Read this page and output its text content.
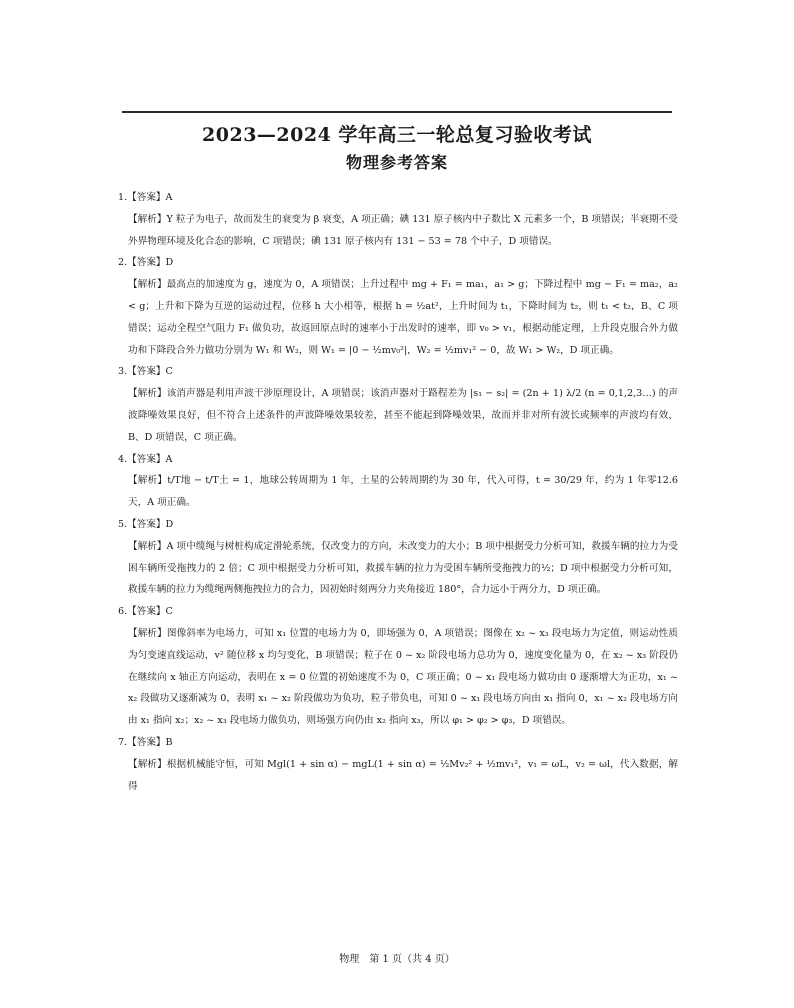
2023—2024 学年高三一轮总复习验收考试
物理参考答案

1.【答案】A

【解析】Y 粒子为电子，故而发生的衰变为 β 衰变，A 项正确；碘 131 原子核内中子数比 X 元素多一个，B 项错误；半衰期不受外界物理环境及化合态的影响，C 项错误；碘 131 原子核内有 131 − 53 = 78 个中子，D 项错误。

2.【答案】D

【解析】最高点的加速度为 g，速度为 0，A 项错误；上升过程中 mg + F₁ = ma₁，a₁ > g；下降过程中 mg − F₁ = ma₂，a₂ < g；上升和下降为互逆的运动过程，位移 h 大小相等，根据 h = ½at²，上升时间为 t₁，下降时间为 t₂，则 t₁ < t₂，B、C 项错误；运动全程空气阻力 F₁ 做负功，故返回原点时的速率小于出发时的速率，即 v₀ > v₁，根据动能定理，上升段克服合外力做功和下降段合外力做功分别为 W₁ 和 W₂，则 W₁ = |0 − ½mv₀²|，W₂ = ½mv₁² − 0，故 W₁ > W₂，D 项正确。

3.【答案】C

【解析】该消声器是利用声波干涉原理设计，A 项错误；该消声器对于路程差为 |s₁ − s₂| = (2n + 1) λ/2 (n = 0,1,2,3…) 的声波降噪效果良好，但不符合上述条件的声波降噪效果较差，甚至不能起到降噪效果，故而并非对所有波长或频率的声波均有效，B、D 项错误，C 项正确。

4.【答案】A

【解析】t/T地 − t/T土 = 1，地球公转周期为 1 年，土星的公转周期约为 30 年，代入可得，t = 30/29 年，约为 1 年零12.6 天，A 项正确。

5.【答案】D

【解析】A 项中缆绳与树桩构成定滑轮系统，仅改变力的方向，未改变力的大小；B 项中根据受力分析可知，救援车辆的拉力为受困车辆所受拖拽力的 2 倍；C 项中根据受力分析可知，救援车辆的拉力为受困车辆所受拖拽力的½；D 项中根据受力分析可知，救援车辆的拉力为缆绳两侧拖拽拉力的合力，因初始时刻两分力夹角接近 180°，合力远小于两分力，D 项正确。

6.【答案】C

【解析】图像斜率为电场力，可知 x₁ 位置的电场力为 0，即场强为 0，A 项错误；图像在 x₂ ~ x₃ 段电场力为定值，则运动性质为匀变速直线运动，v² 随位移 x 均匀变化，B 项错误；粒子在 0 ~ x₂ 阶段电场力总功为 0，速度变化量为 0，在 x₂ ~ x₃ 阶段仍在继续向 x 轴正方向运动，表明在 x = 0 位置的初始速度不为 0，C 项正确；0 ~ x₁ 段电场力做功由 0 逐渐增大为正功，x₁ ~ x₂ 段做功又逐渐减为 0，表明 x₁ ~ x₂ 阶段做功为负功，粒子带负电，可知 0 ~ x₁ 段电场方向由 x₁ 指向 0，x₁ ~ x₂ 段电场方向由 x₁ 指向 x₂；x₂ ~ x₃ 段电场力做负功，则场强方向仍由 x₂ 指向 x₃，所以 φ₁ > φ₂ > φ₃，D 项错误。

7.【答案】B

【解析】根据机械能守恒，可知 Mgl(1 + sin α) − mgL(1 + sin α) = ½Mv₂² + ½mv₁²，v₁ = ωL，v₂ = ωl，代入数据，解得

物理　第 1 页（共 4 页）
